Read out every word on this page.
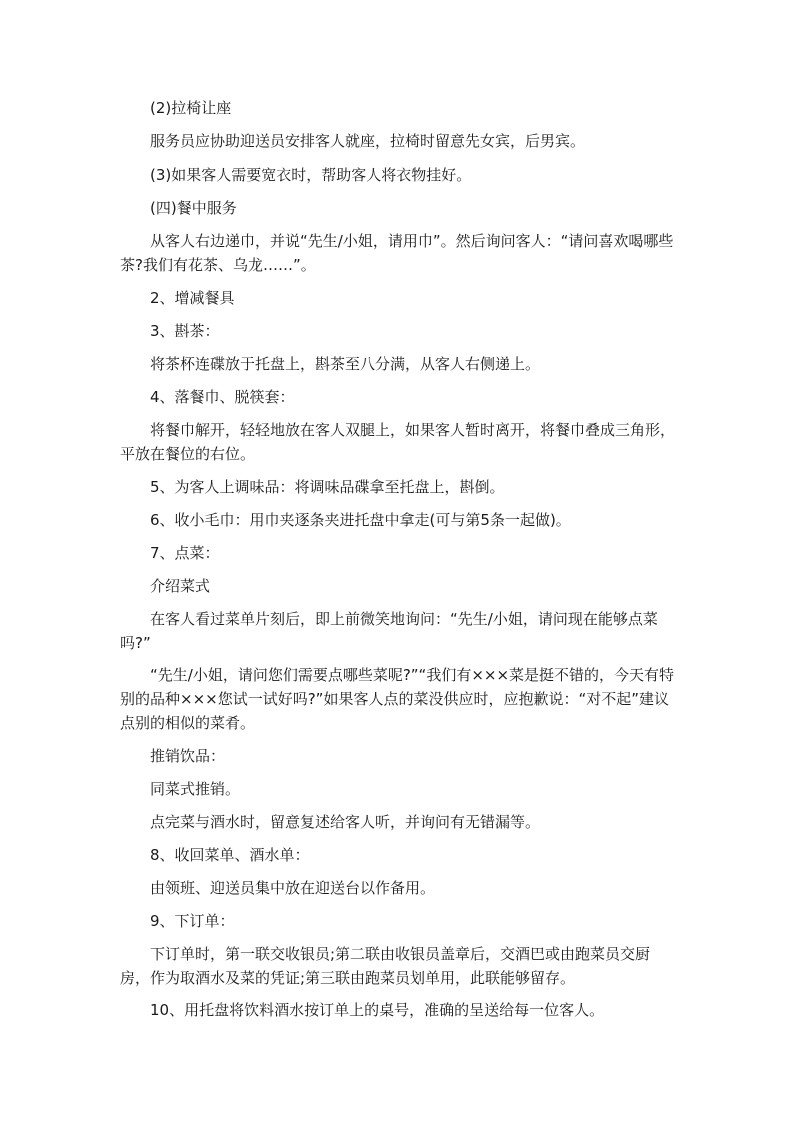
(2)拉椅让座
服务员应协助迎送员安排客人就座，拉椅时留意先女宾，后男宾。
(3)如果客人需要宽衣时，帮助客人将衣物挂好。
(四)餐中服务
从客人右边递巾，并说“先生/小姐，请用巾”。然后询问客人：“请问喜欢喝哪些茶?我们有花茶、乌龙……”。
2、增减餐具
3、斟茶：
将茶杯连碟放于托盘上，斟茶至八分满，从客人右侧递上。
4、落餐巾、脱筷套：
将餐巾解开，轻轻地放在客人双腿上，如果客人暂时离开，将餐巾叠成三角形，平放在餐位的右位。
5、为客人上调味品：将调味品碟拿至托盘上，斟倒。
6、收小毛巾：用巾夹逐条夹进托盘中拿走(可与第5条一起做)。
7、点菜：
介绍菜式
在客人看过菜单片刻后，即上前微笑地询问：“先生/小姐，请问现在能够点菜吗?”
“先生/小姐，请问您们需要点哪些菜呢?”“我们有×××菜是挺不错的，今天有特别的品种×××您试一试好吗?”如果客人点的菜没供应时，应抱歉说：“对不起”建议点别的相似的菜肴。
推销饮品：
同菜式推销。
点完菜与酒水时，留意复述给客人听，并询问有无错漏等。
8、收回菜单、酒水单：
由领班、迎送员集中放在迎送台以作备用。
9、下订单：
下订单时，第一联交收银员;第二联由收银员盖章后，交酒巴或由跑菜员交厨房，作为取酒水及菜的凭证;第三联由跑菜员划单用，此联能够留存。
10、用托盘将饮料酒水按订单上的桌号，准确的呈送给每一位客人。
